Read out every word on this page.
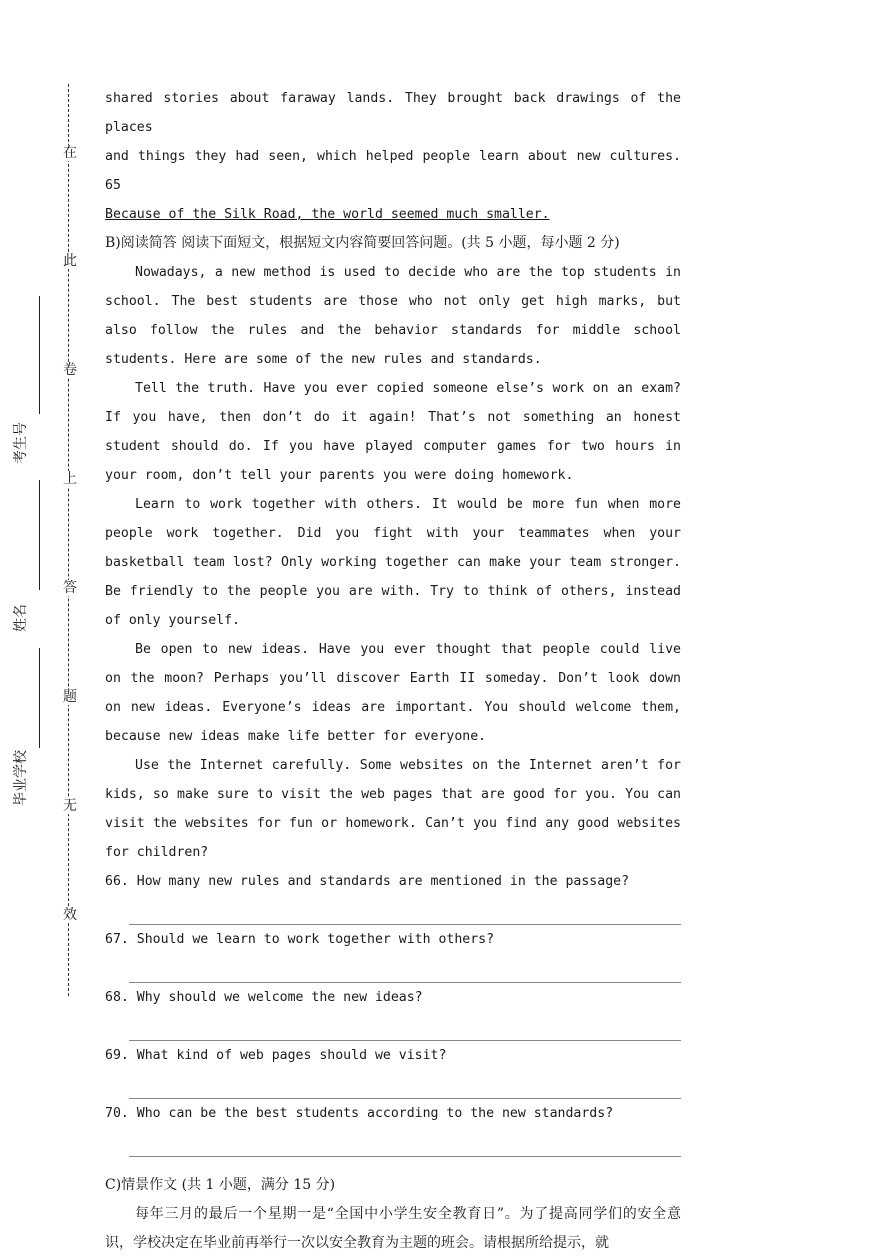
在
此
卷
上
答
题
无
效
考生号
姓名
毕业学校

shared stories about faraway lands. They brought back drawings of the places

and things they had seen, which helped people learn about new cultures. 65

Because of the Silk Road, the world seemed much smaller.

B)阅读简答 阅读下面短文，根据短文内容简要回答问题。(共 5 小题，每小题 2 分)

Nowadays, a new method is used to decide who are the top students in school. The best students are those who not only get high marks, but also follow the rules and the behavior standards for middle school students. Here are some of the new rules and standards.

Tell the truth. Have you ever copied someone else’s work on an exam? If you have, then don’t do it again! That’s not something an honest student should do. If you have played computer games for two hours in your room, don’t tell your parents you were doing homework.

Learn to work together with others. It would be more fun when more people work together. Did you fight with your teammates when your basketball team lost? Only working together can make your team stronger. Be friendly to the people you are with. Try to think of others, instead of only yourself.

Be open to new ideas. Have you ever thought that people could live on the moon? Perhaps you’ll discover Earth II someday. Don’t look down on new ideas. Everyone’s ideas are important. You should welcome them, because new ideas make life better for everyone.

Use the Internet carefully. Some websites on the Internet aren’t for kids, so make sure to visit the web pages that are good for you. You can visit the websites for fun or homework. Can’t you find any good websites for children?

66. How many new rules and standards are mentioned in the passage?

67. Should we learn to work together with others?

68. Why should we welcome the new ideas?

69. What kind of web pages should we visit?

70. Who can be the best students according to the new standards?

C)情景作文 (共 1 小题，满分 15 分)

每年三月的最后一个星期一是“全国中小学生安全教育日”。为了提高同学们的安全意识，学校决定在毕业前再举行一次以安全教育为主题的班会。请根据所给提示，就
